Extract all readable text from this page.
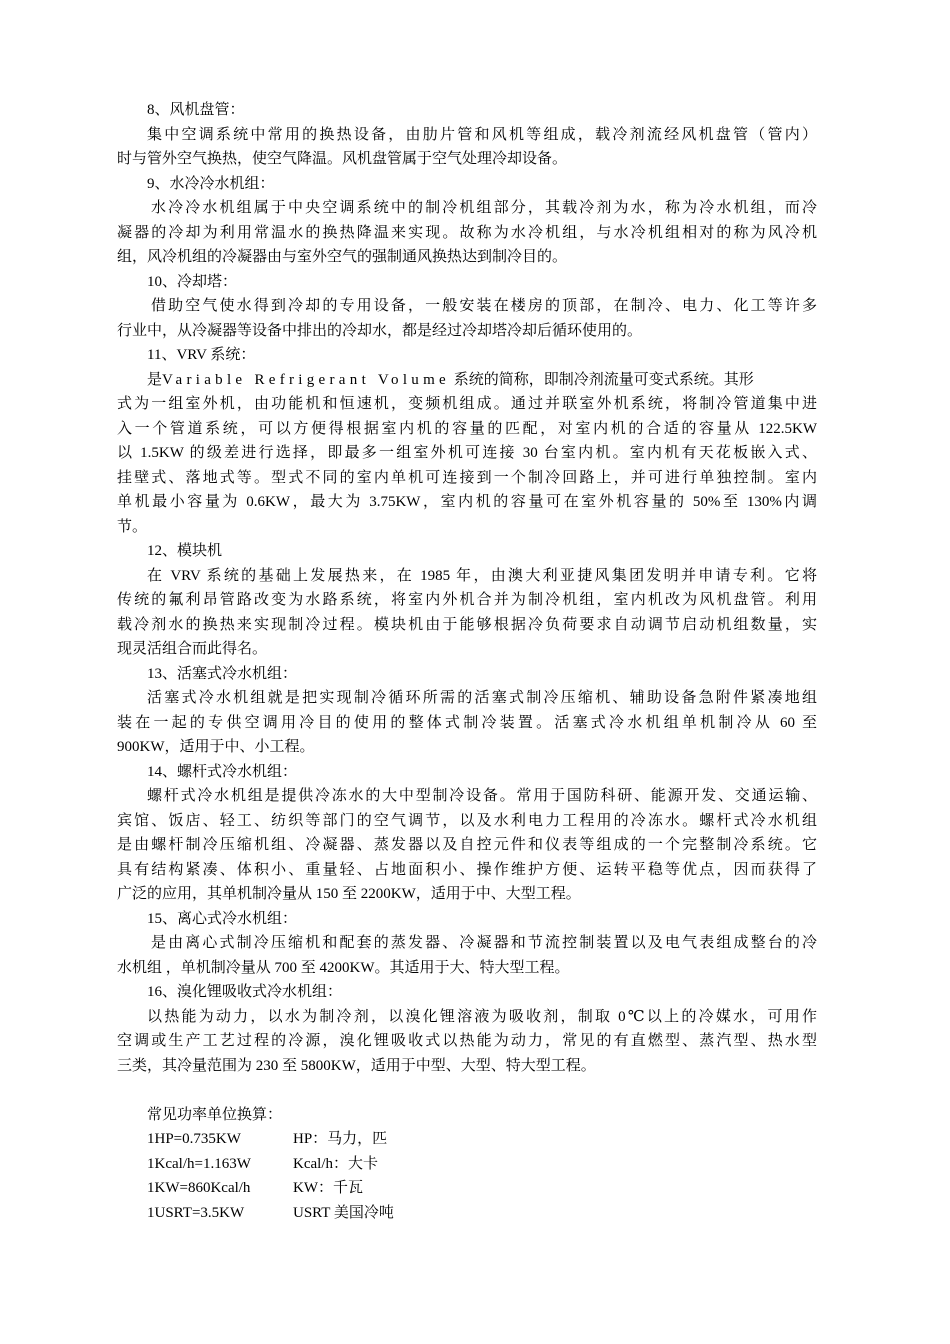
8、风机盘管：
集中空调系统中常用的换热设备，由肋片管和风机等组成，载冷剂流经风机盘管（管内）
时与管外空气换热，使空气降温。风机盘管属于空气处理冷却设备。
9、水冷冷水机组：
水冷冷水机组属于中央空调系统中的制冷机组部分，其载冷剂为水，称为冷水机组，而冷
凝器的冷却为利用常温水的换热降温来实现。故称为水冷机组，与水冷机组相对的称为风冷机
组，风冷机组的冷凝器由与室外空气的强制通风换热达到制冷目的。
10、冷却塔：
借助空气使水得到冷却的专用设备，一般安装在楼房的顶部，在制冷、电力、化工等许多
行业中，从冷凝器等设备中排出的冷却水，都是经过冷却塔冷却后循环使用的。
11、VRV 系统：
是Variable Refrigerant Volume 系统的简称，即制冷剂流量可变式系统。其形
式为一组室外机，由功能机和恒速机，变频机组成。通过并联室外机系统，将制冷管道集中进
入一个管道系统，可以方便得根据室内机的容量的匹配，对室内机的合适的容量从 122.5KW
以 1.5KW 的级差进行选择，即最多一组室外机可连接 30 台室内机。室内机有天花板嵌入式、
挂壁式、落地式等。型式不同的室内单机可连接到一个制冷回路上，并可进行单独控制。室内
单机最小容量为 0.6KW，最大为 3.75KW，室内机的容量可在室外机容量的 50%至 130%内调
节。
12、模块机
在 VRV 系统的基础上发展热来，在 1985 年，由澳大利亚捷风集团发明并申请专利。它将
传统的氟利昂管路改变为水路系统，将室内外机合并为制冷机组，室内机改为风机盘管。利用
载冷剂水的换热来实现制冷过程。模块机由于能够根据冷负荷要求自动调节启动机组数量，实
现灵活组合而此得名。
13、活塞式冷水机组：
活塞式冷水机组就是把实现制冷循环所需的活塞式制冷压缩机、辅助设备急附件紧凑地组
装在一起的专供空调用冷目的使用的整体式制冷装置。活塞式冷水机组单机制冷从 60 至
900KW，适用于中、小工程。
14、螺杆式冷水机组：
螺杆式冷水机组是提供冷冻水的大中型制冷设备。常用于国防科研、能源开发、交通运输、
宾馆、饭店、轻工、纺织等部门的空气调节，以及水利电力工程用的冷冻水。螺杆式冷水机组
是由螺杆制冷压缩机组、冷凝器、蒸发器以及自控元件和仪表等组成的一个完整制冷系统。它
具有结构紧凑、体积小、重量轻、占地面积小、操作维护方便、运转平稳等优点，因而获得了
广泛的应用，其单机制冷量从 150 至 2200KW，适用于中、大型工程。
15、离心式冷水机组：
是由离心式制冷压缩机和配套的蒸发器、冷凝器和节流控制装置以及电气表组成整台的冷
水机组 ，单机制冷量从 700 至 4200KW。其适用于大、特大型工程。
16、溴化锂吸收式冷水机组：
以热能为动力，以水为制冷剂，以溴化锂溶液为吸收剂，制取 0℃以上的冷媒水，可用作
空调或生产工艺过程的冷源，溴化锂吸收式以热能为动力，常见的有直燃型、蒸汽型、热水型
三类，其冷量范围为 230 至 5800KW，适用于中型、大型、特大型工程。
常见功率单位换算：
1HP=0.735KW	HP：马力，匹
1Kcal/h=1.163W	Kcal/h：大卡
1KW=860Kcal/h	KW：千瓦
1USRT=3.5KW	USRT 美国冷吨
